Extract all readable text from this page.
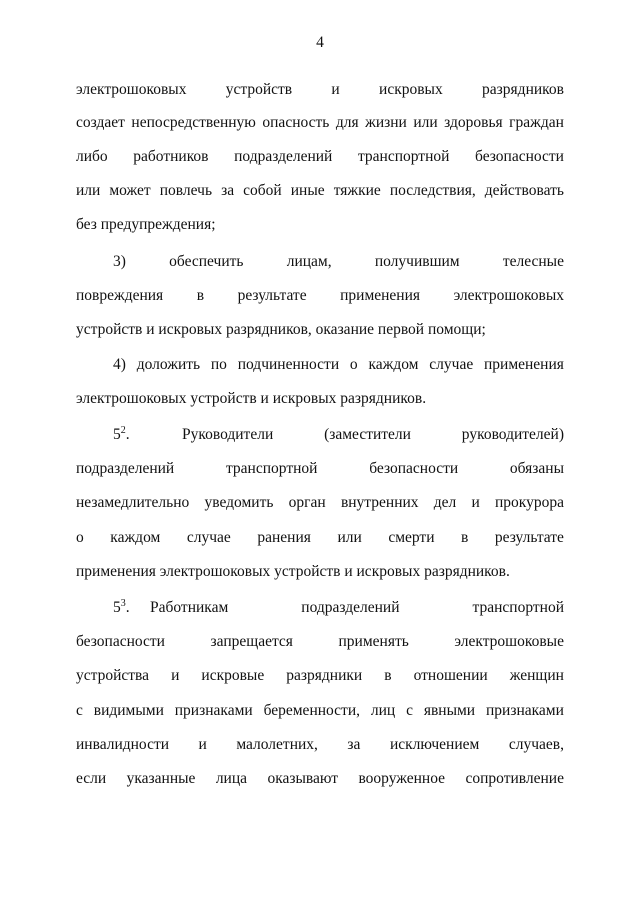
4
электрошоковых	устройств	и	искровых	разрядников
создает непосредственную опасность для жизни или здоровья граждан
либо работников подразделений транспортной безопасности
или может повлечь за собой иные тяжкие последствия, действовать
без предупреждения;
3)	обеспечить	лицам,	получившим	телесные
повреждения в результате применения электрошоковых
устройств и искровых разрядников, оказание первой помощи;
4) доложить по подчиненности о каждом случае применения
электрошоковых устройств и искровых разрядников.
$5^2$.	Руководители	(заместители	руководителей)
подразделений	транспортной	безопасности	обязаны
незамедлительно уведомить орган внутренних дел и прокурора
о каждом случае ранения или смерти в результате
применения электрошоковых устройств и искровых разрядников.
$5^3$. Работникам	подразделений	транспортной
безопасности	запрещается	применять	электрошоковые
устройства и искровые разрядники в отношении женщин
с видимыми признаками беременности, лиц с явными признаками
инвалидности и малолетних, за исключением случаев,
если указанные лица оказывают вооруженное сопротивление
